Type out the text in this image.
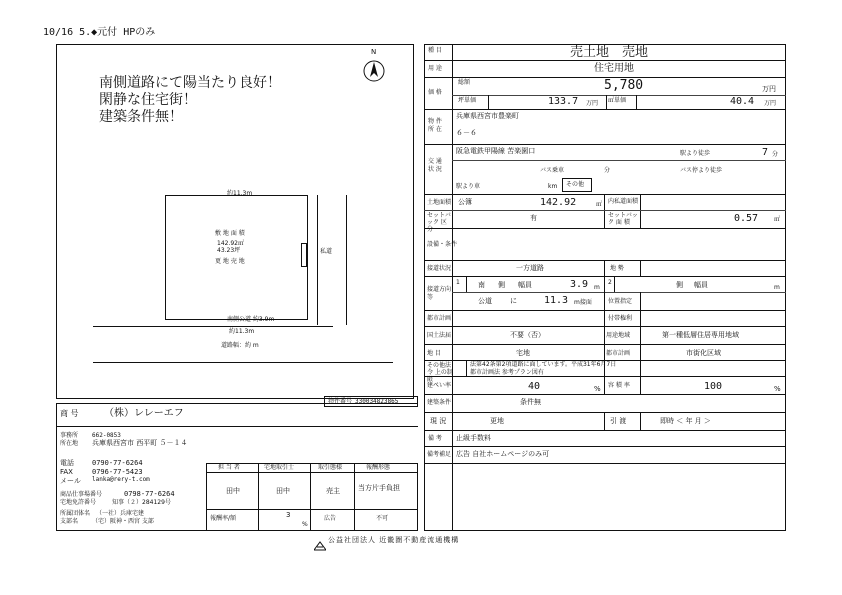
10/16 5.◆元付 HPのみ
南側道路にて陽当たり良好！
閑静な住宅街！
建築条件無！
N
約11.3m
敷 地 面 積
142.92㎡
43.23坪
更 地 売 地
私道
南側公道 約3.9m
約11.3m
道路幅：約 m
物件番号 330034823865
商 号	（株）レレーエフ
事務所 662-0853
所在地 兵庫県西宮市 西平町 ５－１４
電話	0790-77-6264
FAX	0796-77-5423
メール lanka@rery-t.com
商品仕事場番号	0798-77-6264
宅地免許番号	知事（２）284129号
所属団体名 （一社）兵庫宅建
支部名 （宅）阪神・西宮 支部
担 当 者	宅地取引士	取引態様	報酬形態
田中	田中	売主	当方片手負担
報酬率/額	3
%
広告	不可
種 目	売土地　売地
用 途	住宅用地
価 格
総額	5,780	万円
坪単価	133.7 万円 ㎡単価	40.4 万円
物 件 所 在
兵庫県西宮市豊楽町
６－６
交 通 状 況
阪急電鉄甲陽線 苦楽園口	駅より徒歩	7 分
バス乗車	分	バス停より徒歩
駅より車	km その他
土地面積 公簿	142.92	㎡ 内私道面積
セットバック 区 分
有	セットバック 面 積	0.57	㎡
設備・条件
接道状況	一方道路	地 勢
接道方向 等
1	南 側 幅員	3.9 m
2	側 幅員	m
公道	に	11.3 m接面	位置指定
都市計画	付帯権利
国土法届	不要（否）	用途地域	第一種低層住居専用地域
地 目	宅地	都市計画	市街化区域
その他法令 上の制限
法第42条第2項道路に面しています。平成31年6月7日
都市計画法 参考プラン図有
建ぺい率	40	% 容 積 率	100	%
建築条件	条件無
現 況	更地	引 渡	即時 ＜ 年 月 ＞
備 考 止級手数料
備考補足 広告 自社ホームページのみ可
公益社団法人 近畿圏不動産流通機構
